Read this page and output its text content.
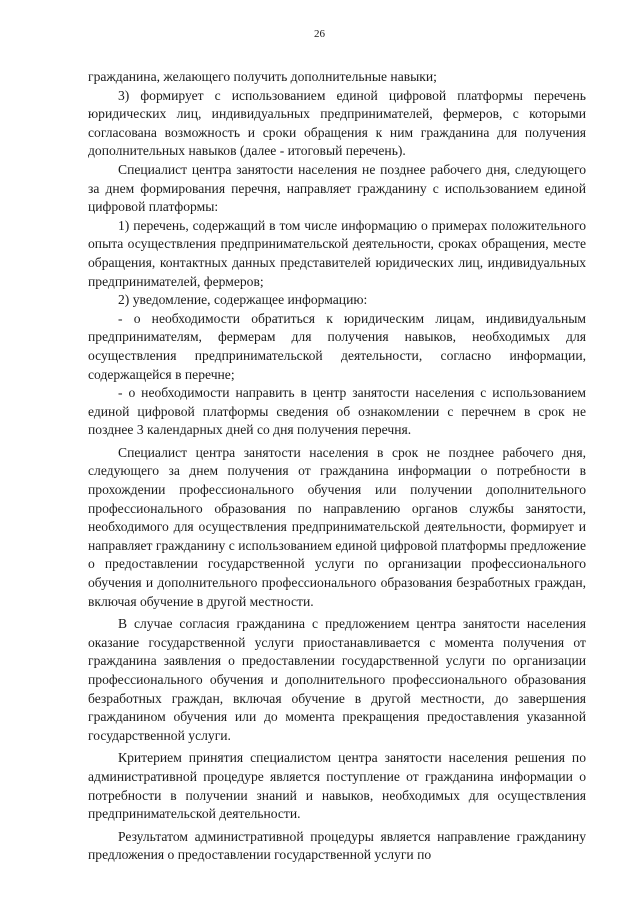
26

гражданина, желающего получить дополнительные навыки;

3) формирует с использованием единой цифровой платформы перечень юридических лиц, индивидуальных предпринимателей, фермеров, с которыми согласована возможность и сроки обращения к ним гражданина для получения дополнительных навыков (далее - итоговый перечень).

Специалист центра занятости населения не позднее рабочего дня, следующего за днем формирования перечня, направляет гражданину с использованием единой цифровой платформы:

1) перечень, содержащий в том числе информацию о примерах положительного опыта осуществления предпринимательской деятельности, сроках обращения, месте обращения, контактных данных представителей юридических лиц, индивидуальных предпринимателей, фермеров;

2) уведомление, содержащее информацию:

- о необходимости обратиться к юридическим лицам, индивидуальным предпринимателям, фермерам для получения навыков, необходимых для осуществления предпринимательской деятельности, согласно информации, содержащейся в перечне;

- о необходимости направить в центр занятости населения с использованием единой цифровой платформы сведения об ознакомлении с перечнем в срок не позднее 3 календарных дней со дня получения перечня.

Специалист центра занятости населения в срок не позднее рабочего дня, следующего за днем получения от гражданина информации о потребности в прохождении профессионального обучения или получении дополнительного профессионального образования по направлению органов службы занятости, необходимого для осуществления предпринимательской деятельности, формирует и направляет гражданину с использованием единой цифровой платформы предложение о предоставлении государственной услуги по организации профессионального обучения и дополнительного профессионального образования безработных граждан, включая обучение в другой местности.

В случае согласия гражданина с предложением центра занятости населения оказание государственной услуги приостанавливается с момента получения от гражданина заявления о предоставлении государственной услуги по организации профессионального обучения и дополнительного профессионального образования безработных граждан, включая обучение в другой местности, до завершения гражданином обучения или до момента прекращения предоставления указанной государственной услуги.

Критерием принятия специалистом центра занятости населения решения по административной процедуре является поступление от гражданина информации о потребности в получении знаний и навыков, необходимых для осуществления предпринимательской деятельности.

Результатом административной процедуры является направление гражданину предложения о предоставлении государственной услуги по
